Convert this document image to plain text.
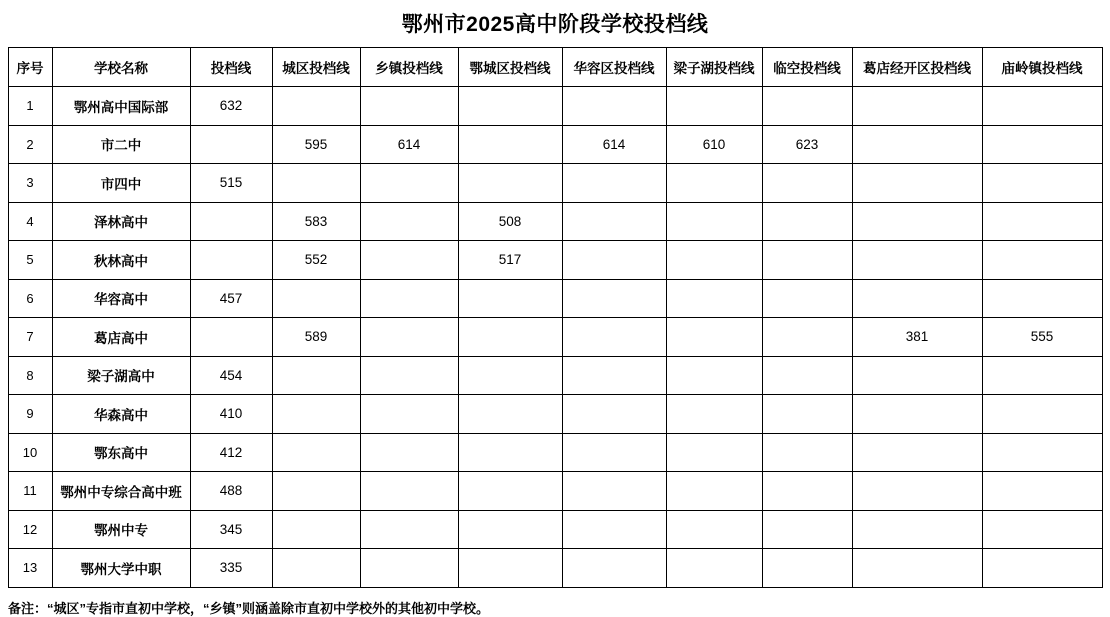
鄂州市2025高中阶段学校投档线
序号	学校名称	投档线	城区投档线	乡镇投档线	鄂城区投档线	华容区投档线	梁子湖投档线	临空投档线	葛店经开区投档线	庙岭镇投档线
1	鄂州高中国际部	632								
2	市二中		595	614		614	610	623		
3	市四中	515								
4	泽林高中		583		508					
5	秋林高中		552		517					
6	华容高中	457								
7	葛店高中		589						381	555
8	梁子湖高中	454								
9	华森高中	410								
10	鄂东高中	412								
11	鄂州中专综合高中班	488								
12	鄂州中专	345								
13	鄂州大学中职	335								
备注：“城区”专指市直初中学校，“乡镇”则涵盖除市直初中学校外的其他初中学校。
